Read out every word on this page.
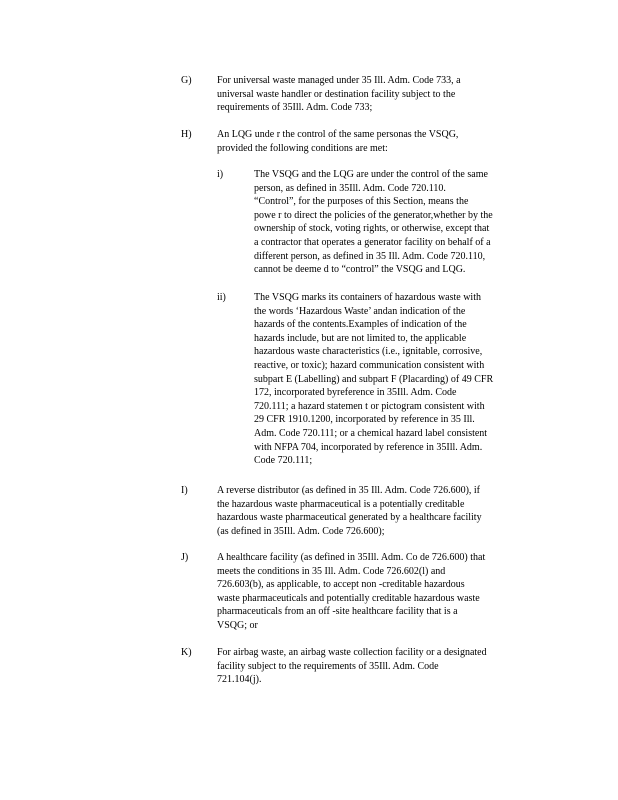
G)	For universal waste managed under 35 Ill. Adm. Code 733, a
universal waste handler or destination facility subject to the
requirements of 35Ill. Adm. Code 733;
H)	An LQG unde r the control of the same personas the VSQG,
provided the following conditions are met:
i)	The VSQG and the LQG are under the control of the same
person, as defined in 35Ill. Adm. Code 720.110.
“Control”, for the purposes of this Section, means the
powe r to direct the policies of the generator,whether by the
ownership of stock, voting rights, or otherwise, except that
a contractor that operates a generator facility on behalf of a
different person, as defined in 35 Ill. Adm. Code 720.110,
cannot be deeme d to “control” the VSQG and LQG.
ii)	The VSQG marks its containers of hazardous waste with
the words ‘Hazardous Waste’ andan indication of the
hazards of the contents.Examples of indication of the
hazards include, but are not limited to, the applicable
hazardous waste characteristics (i.e., ignitable, corrosive,
reactive, or toxic); hazard communication consistent with
subpart E (Labelling) and subpart F (Placarding) of 49 CFR
172, incorporated byreference in 35Ill. Adm. Code
720.111; a hazard statemen t or pictogram consistent with
29 CFR 1910.1200, incorporated by reference in 35 Ill.
Adm. Code 720.111; or a chemical hazard label consistent
with NFPA 704, incorporated by reference in 35Ill. Adm.
Code 720.111;
I)	A reverse distributor (as defined in 35 Ill. Adm. Code 726.600), if
the hazardous waste pharmaceutical is a potentially creditable
hazardous waste pharmaceutical generated by a healthcare facility
(as defined in 35Ill. Adm. Code 726.600);
J)	A healthcare facility (as defined in 35Ill. Adm. Co de 726.600) that
meets the conditions in 35 Ill. Adm. Code 726.602(l) and
726.603(b), as applicable, to accept non -creditable hazardous
waste pharmaceuticals and potentially creditable hazardous waste
pharmaceuticals from an off -site healthcare facility that is a
VSQG; or
K)	For airbag waste, an airbag waste collection facility or a designated
facility subject to the requirements of 35Ill. Adm. Code
721.104(j).
